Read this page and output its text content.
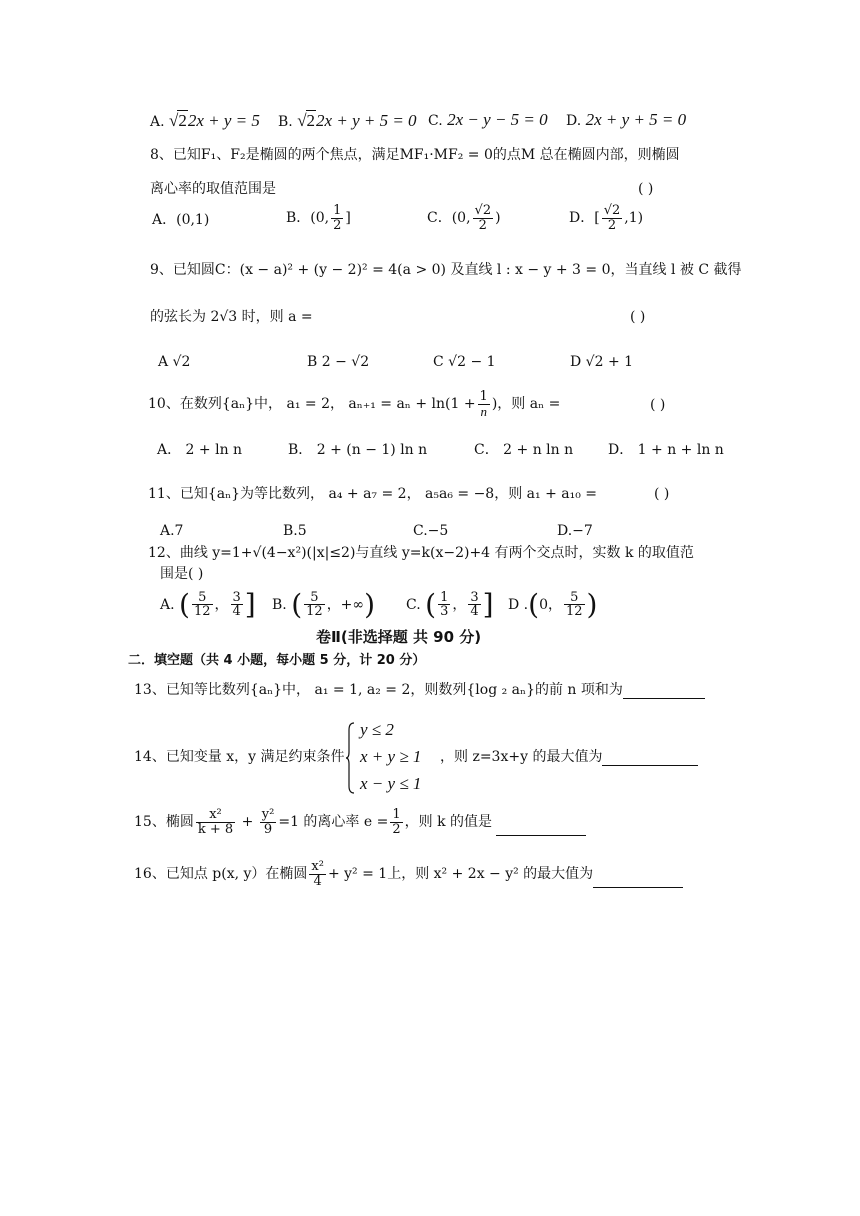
A. √22x + y = 5 B. √22x + y + 5 = 0 C. 2x − y − 5 = 0 D. 2x + y + 5 = 0
8、已知F₁、F₂是椭圆的两个焦点，满足MF₁·MF₂ = 0的点M 总在椭圆内部，则椭圆
离心率的取值范围是	( )
A．(0,1)	B．(0, $\frac{1}{2}$ ]	C．(0, $\frac{√2}{2}$ )	D．[ $\frac{√2}{2} ,1$)
9、已知圆C：(x − a)² + (y − 2)² = 4(a > 0) 及直线 l : x − y + 3 = 0，当直线 l 被 C 截得
的弦长为 2√3 时，则 a =	( )
A √2	B 2 − √2	C √2 − 1	D √2 + 1
10、在数列{aₙ}中， a₁ = 2， $a_{n+1} = a_n + \ln(1 + \frac{1}{n}$ )，则 aₙ =	( )
A． 2 + ln n	B． 2 + (n − 1) ln n	C． 2 + n ln n D． 1 + n + ln n
11、已知{aₙ}为等比数列， a₄ + a₇ = 2， a₅a₆ = −8，则 a₁ + a₁₀ =	( )
A.7	B.5	C.−5	D.−7
12、曲线 y=1+√(4−x²)(|x|≤2)与直线 y=k(x−2)+4 有两个交点时，实数 k 的取值范
围是( )
A. ( $\frac{5}{12}$ ， $\frac{3}{4}$ ] B. ( $\frac{5}{12}$ ，+∞) C. ( $\frac{1}{3}$ ， $\frac{3}{4}$ ] D .(0， $\frac{5}{12}$ )
卷Ⅱ(非选择题 共 90 分)
二．填空题（共 4 小题，每小题 5 分，计 20 分）
13、已知等比数列{aₙ}中， a₁ = 1, a₂ = 2，则数列{log ₂ aₙ}的前 n 项和为
14、已知变量 x，y 满足约束条件
y ≤ 2
x + y ≥ 1
x − y ≤ 1
，则 z=3x+y 的最大值为
15、椭圆 $\frac{\text{x²}}{k + 8} + \frac{\text{y²}}{9} =1$ 的离心率 $e = \frac{1}{2}$ ，则 k 的值是
16、已知点 p(x, y）在椭圆 $\frac{\text{x²}}{4} + y^2 = 1$上，则 x² + 2x − y² 的最大值为
